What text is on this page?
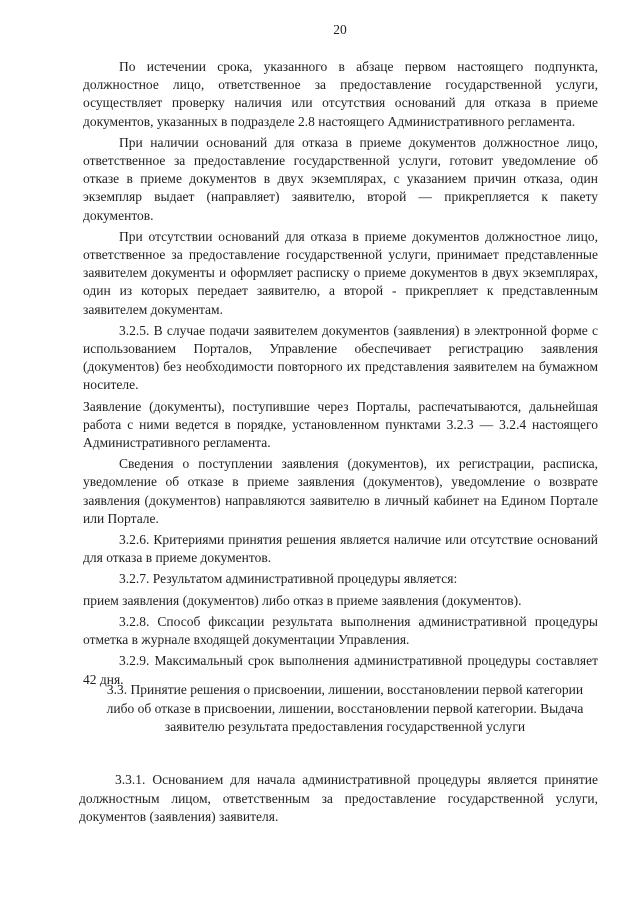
20

По истечении срока, указанного в абзаце первом настоящего подпункта, должностное лицо, ответственное за предоставление государственной услуги, осуществляет проверку наличия или отсутствия оснований для отказа в приеме документов, указанных в подразделе 2.8 настоящего Административного регламента.

При наличии оснований для отказа в приеме документов должностное лицо, ответственное за предоставление государственной услуги, готовит уведомление об отказе в приеме документов в двух экземплярах, с указанием причин отказа, один экземпляр выдает (направляет) заявителю, второй — прикрепляется к пакету документов.

При отсутствии оснований для отказа в приеме документов должностное лицо, ответственное за предоставление государственной услуги, принимает представленные заявителем документы и оформляет расписку о приеме документов в двух экземплярах, один из которых передает заявителю, а второй - прикрепляет к представленным заявителем документам.

3.2.5. В случае подачи заявителем документов (заявления) в электронной форме с использованием Порталов, Управление обеспечивает регистрацию заявления (документов) без необходимости повторного их представления заявителем на бумажном носителе.

Заявление (документы), поступившие через Порталы, распечатываются, дальнейшая работа с ними ведется в порядке, установленном пунктами 3.2.3 — 3.2.4 настоящего Административного регламента.

Сведения о поступлении заявления (документов), их регистрации, расписка, уведомление об отказе в приеме заявления (документов), уведомление о возврате заявления (документов) направляются заявителю в личный кабинет на Едином Портале или Портале.

3.2.6. Критериями принятия решения является наличие или отсутствие оснований для отказа в приеме документов.

3.2.7. Результатом административной процедуры является:

прием заявления (документов) либо отказ в приеме заявления (документов).

3.2.8. Способ фиксации результата выполнения административной процедуры отметка в журнале входящей документации Управления.

3.2.9. Максимальный срок выполнения административной процедуры составляет 42 дня.

3.3. Принятие решения о присвоении, лишении, восстановлении первой категории либо об отказе в присвоении, лишении, восстановлении первой категории. Выдача заявителю результата предоставления государственной услуги

3.3.1. Основанием для начала административной процедуры является принятие должностным лицом, ответственным за предоставление государственной услуги, документов (заявления) заявителя.
